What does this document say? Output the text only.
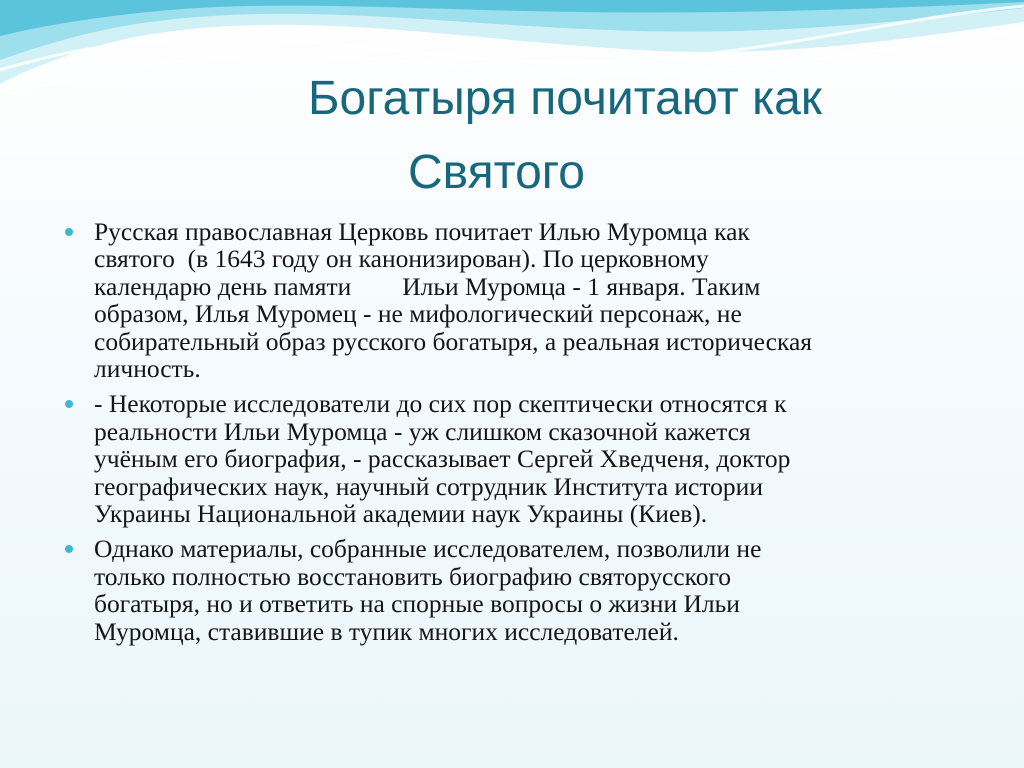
Богатыря почитают как
Святого
Русская православная Церковь почитает Илью Муромца как
святого  (в 1643 году он канонизирован). По церковному
календарю день памяти        Ильи Муромца - 1 января. Таким
образом, Илья Муромец - не мифологический персонаж, не
собирательный образ русского богатыря, а реальная историческая
личность.
- Некоторые исследователи до сих пор скептически относятся к
реальности Ильи Муромца - уж слишком сказочной кажется
учёным его биография, - рассказывает Сергей Хведченя, доктор
географических наук, научный сотрудник Института истории
Украины Национальной академии наук Украины (Киев).
Однако материалы, собранные исследователем, позволили не
только полностью восстановить биографию святорусского
богатыря, но и ответить на спорные вопросы о жизни Ильи
Муромца, ставившие в тупик многих исследователей.
